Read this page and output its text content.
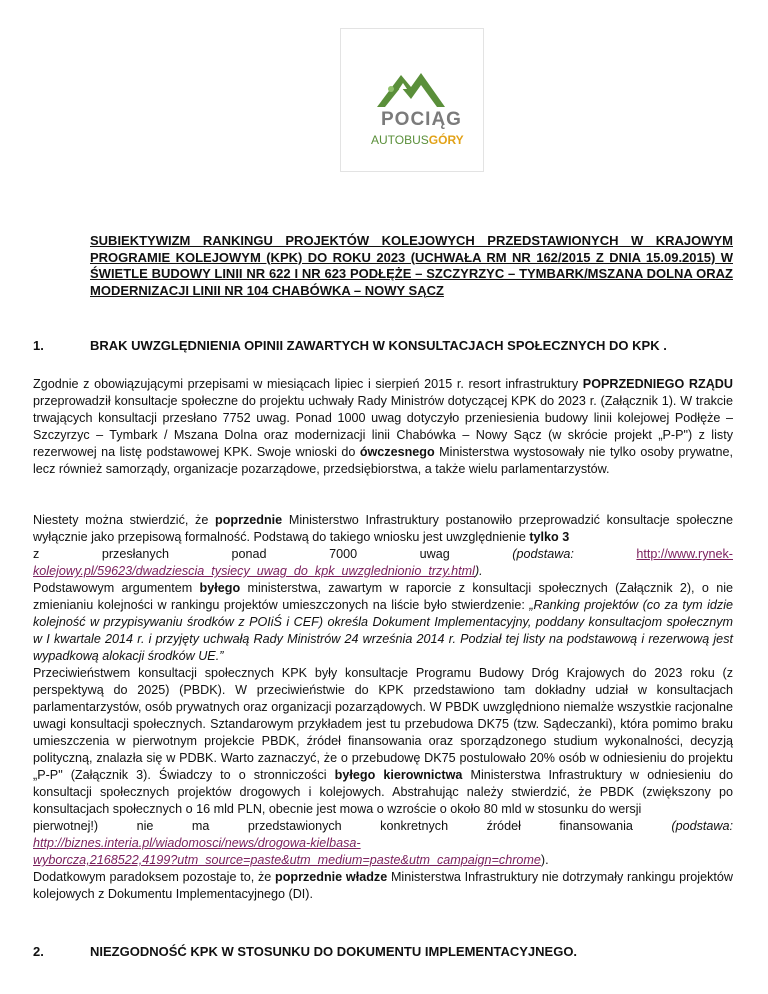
POCIĄG
AUTOBUSGÓRY
SUBIEKTYWIZM RANKINGU PROJEKTÓW KOLEJOWYCH PRZEDSTAWIONYCH W KRAJOWYM PROGRAMIE KOLEJOWYM (KPK) DO ROKU 2023 (UCHWAŁA RM NR 162/2015 Z DNIA 15.09.2015) W ŚWIETLE BUDOWY LINII NR 622 I NR 623 PODŁĘŻE – SZCZYRZYC – TYMBARK/MSZANA DOLNA ORAZ MODERNIZACJI LINII NR 104 CHABÓWKA – NOWY SĄCZ
1.	BRAK UWZGLĘDNIENIA OPINII ZAWARTYCH W KONSULTACJACH SPOŁECZNYCH DO KPK .
Zgodnie z obowiązującymi przepisami w miesiącach lipiec i sierpień 2015 r. resort infrastruktury POPRZEDNIEGO RZĄDU przeprowadził konsultacje społeczne do projektu uchwały Rady Ministrów dotyczącej KPK do 2023 r. (Załącznik 1). W trakcie trwających konsultacji przesłano 7752 uwag. Ponad 1000 uwag dotyczyło przeniesienia budowy linii kolejowej Podłęże – Szczyrzyc – Tymbark / Mszana Dolna oraz modernizacji linii Chabówka – Nowy Sącz (w skrócie projekt „P-P") z listy rezerwowej na listę podstawowej KPK. Swoje wnioski do ówczesnego Ministerstwa wystosowały nie tylko osoby prywatne, lecz również samorządy, organizacje pozarządowe, przedsiębiorstwa, a także wielu parlamentarzystów.
Niestety można stwierdzić, że poprzednie Ministerstwo Infrastruktury postanowiło przeprowadzić konsultacje społeczne wyłącznie jako przepisową formalność. Podstawą do takiego wniosku jest uwzględnienie tylko 3
z przesłanych ponad 7000 uwag (podstawa: http://www.rynek-
kolejowy.pl/59623/dwadziescia_tysiecy_uwag_do_kpk_uwzglednionio_trzy.html).
Podstawowym argumentem byłego ministerstwa, zawartym w raporcie z konsultacji społecznych (Załącznik 2), o nie zmienianiu kolejności w rankingu projektów umieszczonych na liście było stwierdzenie: „Ranking projektów (co za tym idzie kolejność w przypisywaniu środków z POIiŚ i CEF) określa Dokument Implementacyjny, poddany konsultacjom społecznym w I kwartale 2014 r. i przyjęty uchwałą Rady Ministrów 24 września 2014 r. Podział tej listy na podstawową i rezerwową jest wypadkową alokacji środków UE.”
Przeciwieństwem konsultacji społecznych KPK były konsultacje Programu Budowy Dróg Krajowych do 2023 roku (z perspektywą do 2025) (PBDK). W przeciwieństwie do KPK przedstawiono tam dokładny udział w konsultacjach parlamentarzystów, osób prywatnych oraz organizacji pozarządowych. W PBDK uwzględniono niemalże wszystkie racjonalne uwagi konsultacji społecznych. Sztandarowym przykładem jest tu przebudowa DK75 (tzw. Sądeczanki), która pomimo braku umieszczenia w pierwotnym projekcie PBDK, źródeł finansowania oraz sporządzonego studium wykonalności, decyzją polityczną, znalazła się w PDBK. Warto zaznaczyć, że o przebudowę DK75 postulowało 20% osób w odniesieniu do projektu „P-P" (Załącznik 3). Świadczy to o stronniczości byłego kierownictwa Ministerstwa Infrastruktury w odniesieniu do konsultacji społecznych projektów drogowych i kolejowych. Abstrahując należy stwierdzić, że PBDK (zwiększony po konsultacjach społecznych o 16 mld PLN, obecnie jest mowa o wzroście o około 80 mld w stosunku do wersji
pierwotnej!) nie ma przedstawionych konkretnych źródeł finansowania (podstawa:
http://biznes.interia.pl/wiadomosci/news/drogowa-kielbasa-
wyborcza,2168522,4199?utm_source=paste&utm_medium=paste&utm_campaign=chrome).
Dodatkowym paradoksem pozostaje to, że poprzednie władze Ministerstwa Infrastruktury nie dotrzymały rankingu projektów kolejowych z Dokumentu Implementacyjnego (DI).
2.	NIEZGODNOŚĆ KPK W STOSUNKU DO DOKUMENTU IMPLEMENTACYJNEGO.
